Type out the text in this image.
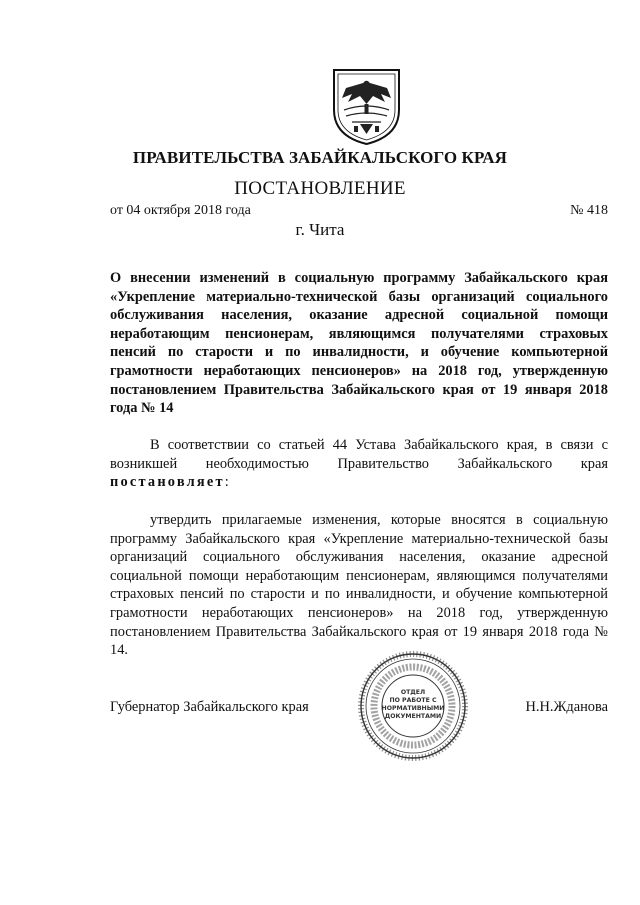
ПРАВИТЕЛЬСТВА ЗАБАЙКАЛЬСКОГО КРАЯ
ПОСТАНОВЛЕНИЕ
от 04 октября 2018 года	№ 418
г. Чита
О внесении изменений в социальную программу Забайкальского края «Укрепление материально-технической базы организаций социального обслуживания населения, оказание адресной социальной помощи неработающим пенсионерам, являющимся получателями страховых пенсий по старости и по инвалидности, и обучение компьютерной грамотности неработающих пенсионеров» на 2018 год, утвержденную постановлением Правительства Забайкальского края от 19 января 2018 года № 14
В соответствии со статьей 44 Устава Забайкальского края, в связи с возникшей необходимостью Правительство Забайкальского края постановляет:
утвердить прилагаемые изменения, которые вносятся в социальную программу Забайкальского края «Укрепление материально-технической базы организаций социального обслуживания населения, оказание адресной социальной помощи неработающим пенсионерам, являющимся получателями страховых пенсий по старости и по инвалидности, и обучение компьютерной грамотности неработающих пенсионеров» на 2018 год, утвержденную постановлением Правительства Забайкальского края от 19 января 2018 года № 14.
Губернатор Забайкальского края	Н.Н.Жданова
ОТДЕЛ
ПО РАБОТЕ С
НОРМАТИВНЫМИ
ДОКУМЕНТАМИ
